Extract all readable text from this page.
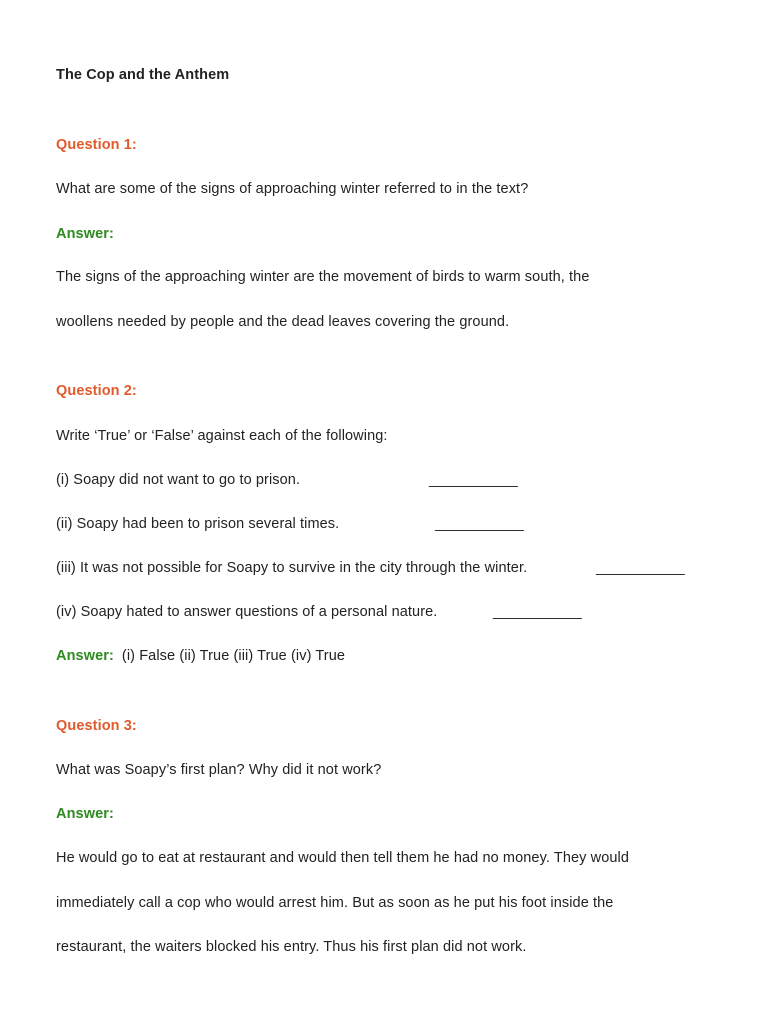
The Cop and the Anthem
Question 1:
What are some of the signs of approaching winter referred to in the text?
Answer:
The signs of the approaching winter are the movement of birds to warm south, the
woollens needed by people and the dead leaves covering the ground.
Question 2:
Write ‘True’ or ‘False’ against each of the following:
(i) Soapy did not want to go to prison.	___________
(ii) Soapy had been to prison several times.	___________
(iii) It was not possible for Soapy to survive in the city through the winter.	___________
(iv) Soapy hated to answer questions of a personal nature.	___________
Answer: (i) False (ii) True (iii) True (iv) True
Question 3:
What was Soapy’s first plan? Why did it not work?
Answer:
He would go to eat at restaurant and would then tell them he had no money. They would
immediately call a cop who would arrest him. But as soon as he put his foot inside the
restaurant, the waiters blocked his entry. Thus his first plan did not work.
